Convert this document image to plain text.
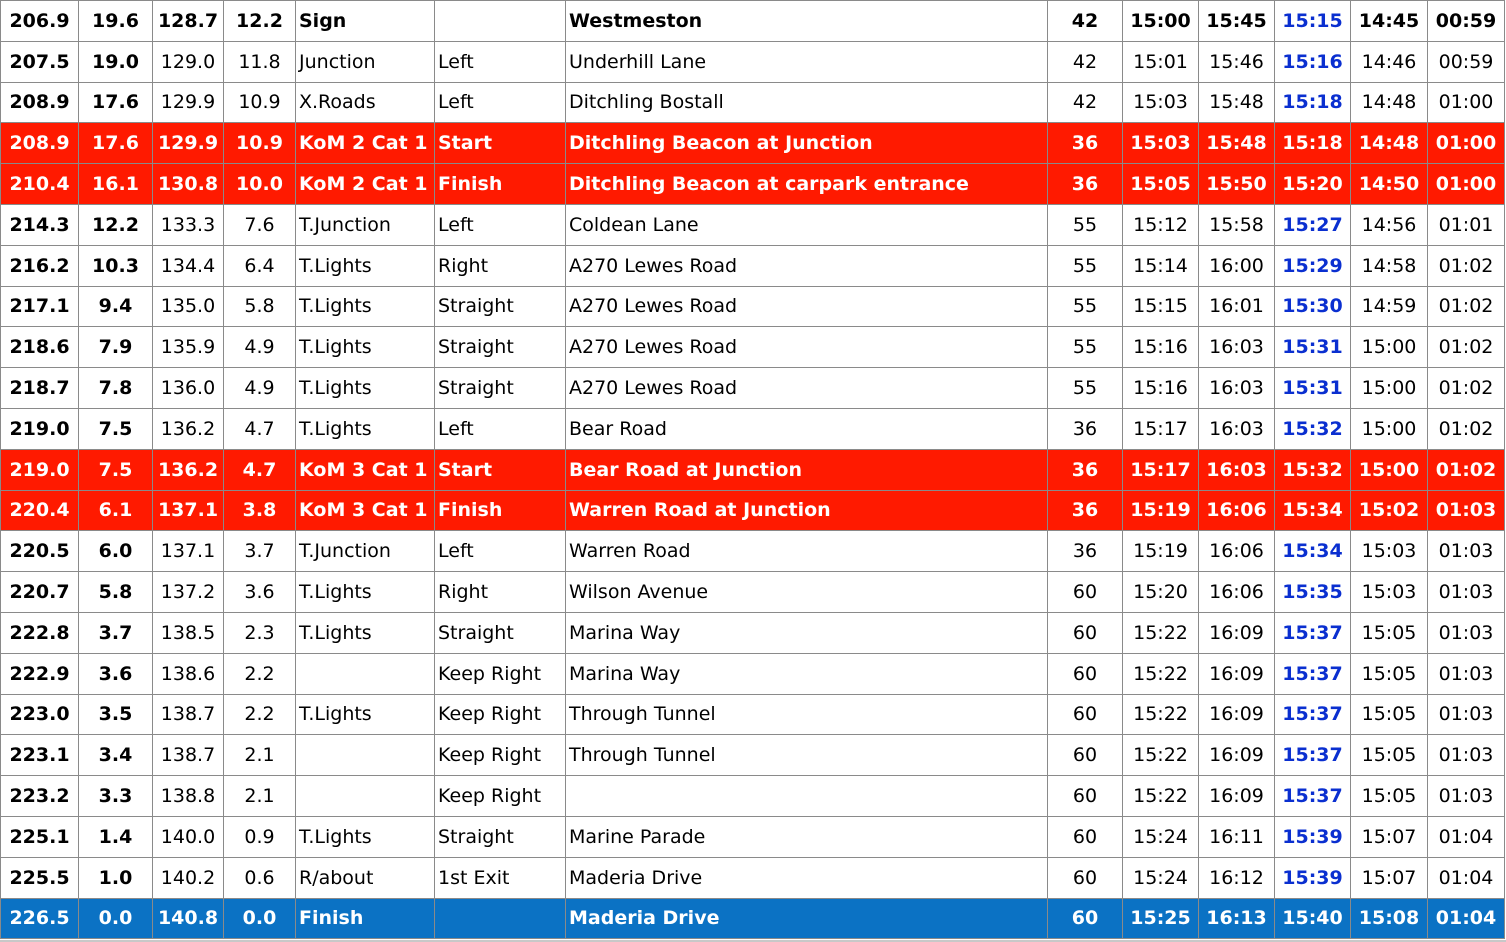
206.9	19.6	128.7	12.2	Sign		Westmeston	42	15:00	15:45	15:15	14:45	00:59
207.5	19.0	129.0	11.8	Junction	Left	Underhill Lane	42	15:01	15:46	15:16	14:46	00:59
208.9	17.6	129.9	10.9	X.Roads	Left	Ditchling Bostall	42	15:03	15:48	15:18	14:48	01:00
208.9	17.6	129.9	10.9	KoM 2 Cat 1	Start	Ditchling Beacon at Junction	36	15:03	15:48	15:18	14:48	01:00
210.4	16.1	130.8	10.0	KoM 2 Cat 1	Finish	Ditchling Beacon at carpark entrance	36	15:05	15:50	15:20	14:50	01:00
214.3	12.2	133.3	7.6	T.Junction	Left	Coldean Lane	55	15:12	15:58	15:27	14:56	01:01
216.2	10.3	134.4	6.4	T.Lights	Right	A270 Lewes Road	55	15:14	16:00	15:29	14:58	01:02
217.1	9.4	135.0	5.8	T.Lights	Straight	A270 Lewes Road	55	15:15	16:01	15:30	14:59	01:02
218.6	7.9	135.9	4.9	T.Lights	Straight	A270 Lewes Road	55	15:16	16:03	15:31	15:00	01:02
218.7	7.8	136.0	4.9	T.Lights	Straight	A270 Lewes Road	55	15:16	16:03	15:31	15:00	01:02
219.0	7.5	136.2	4.7	T.Lights	Left	Bear Road	36	15:17	16:03	15:32	15:00	01:02
219.0	7.5	136.2	4.7	KoM 3 Cat 1	Start	Bear Road at Junction	36	15:17	16:03	15:32	15:00	01:02
220.4	6.1	137.1	3.8	KoM 3 Cat 1	Finish	Warren Road at Junction	36	15:19	16:06	15:34	15:02	01:03
220.5	6.0	137.1	3.7	T.Junction	Left	Warren Road	36	15:19	16:06	15:34	15:03	01:03
220.7	5.8	137.2	3.6	T.Lights	Right	Wilson Avenue	60	15:20	16:06	15:35	15:03	01:03
222.8	3.7	138.5	2.3	T.Lights	Straight	Marina Way	60	15:22	16:09	15:37	15:05	01:03
222.9	3.6	138.6	2.2		Keep Right	Marina Way	60	15:22	16:09	15:37	15:05	01:03
223.0	3.5	138.7	2.2	T.Lights	Keep Right	Through Tunnel	60	15:22	16:09	15:37	15:05	01:03
223.1	3.4	138.7	2.1		Keep Right	Through Tunnel	60	15:22	16:09	15:37	15:05	01:03
223.2	3.3	138.8	2.1		Keep Right		60	15:22	16:09	15:37	15:05	01:03
225.1	1.4	140.0	0.9	T.Lights	Straight	Marine Parade	60	15:24	16:11	15:39	15:07	01:04
225.5	1.0	140.2	0.6	R/about	1st Exit	Maderia Drive	60	15:24	16:12	15:39	15:07	01:04
226.5	0.0	140.8	0.0	Finish		Maderia Drive	60	15:25	16:13	15:40	15:08	01:04
